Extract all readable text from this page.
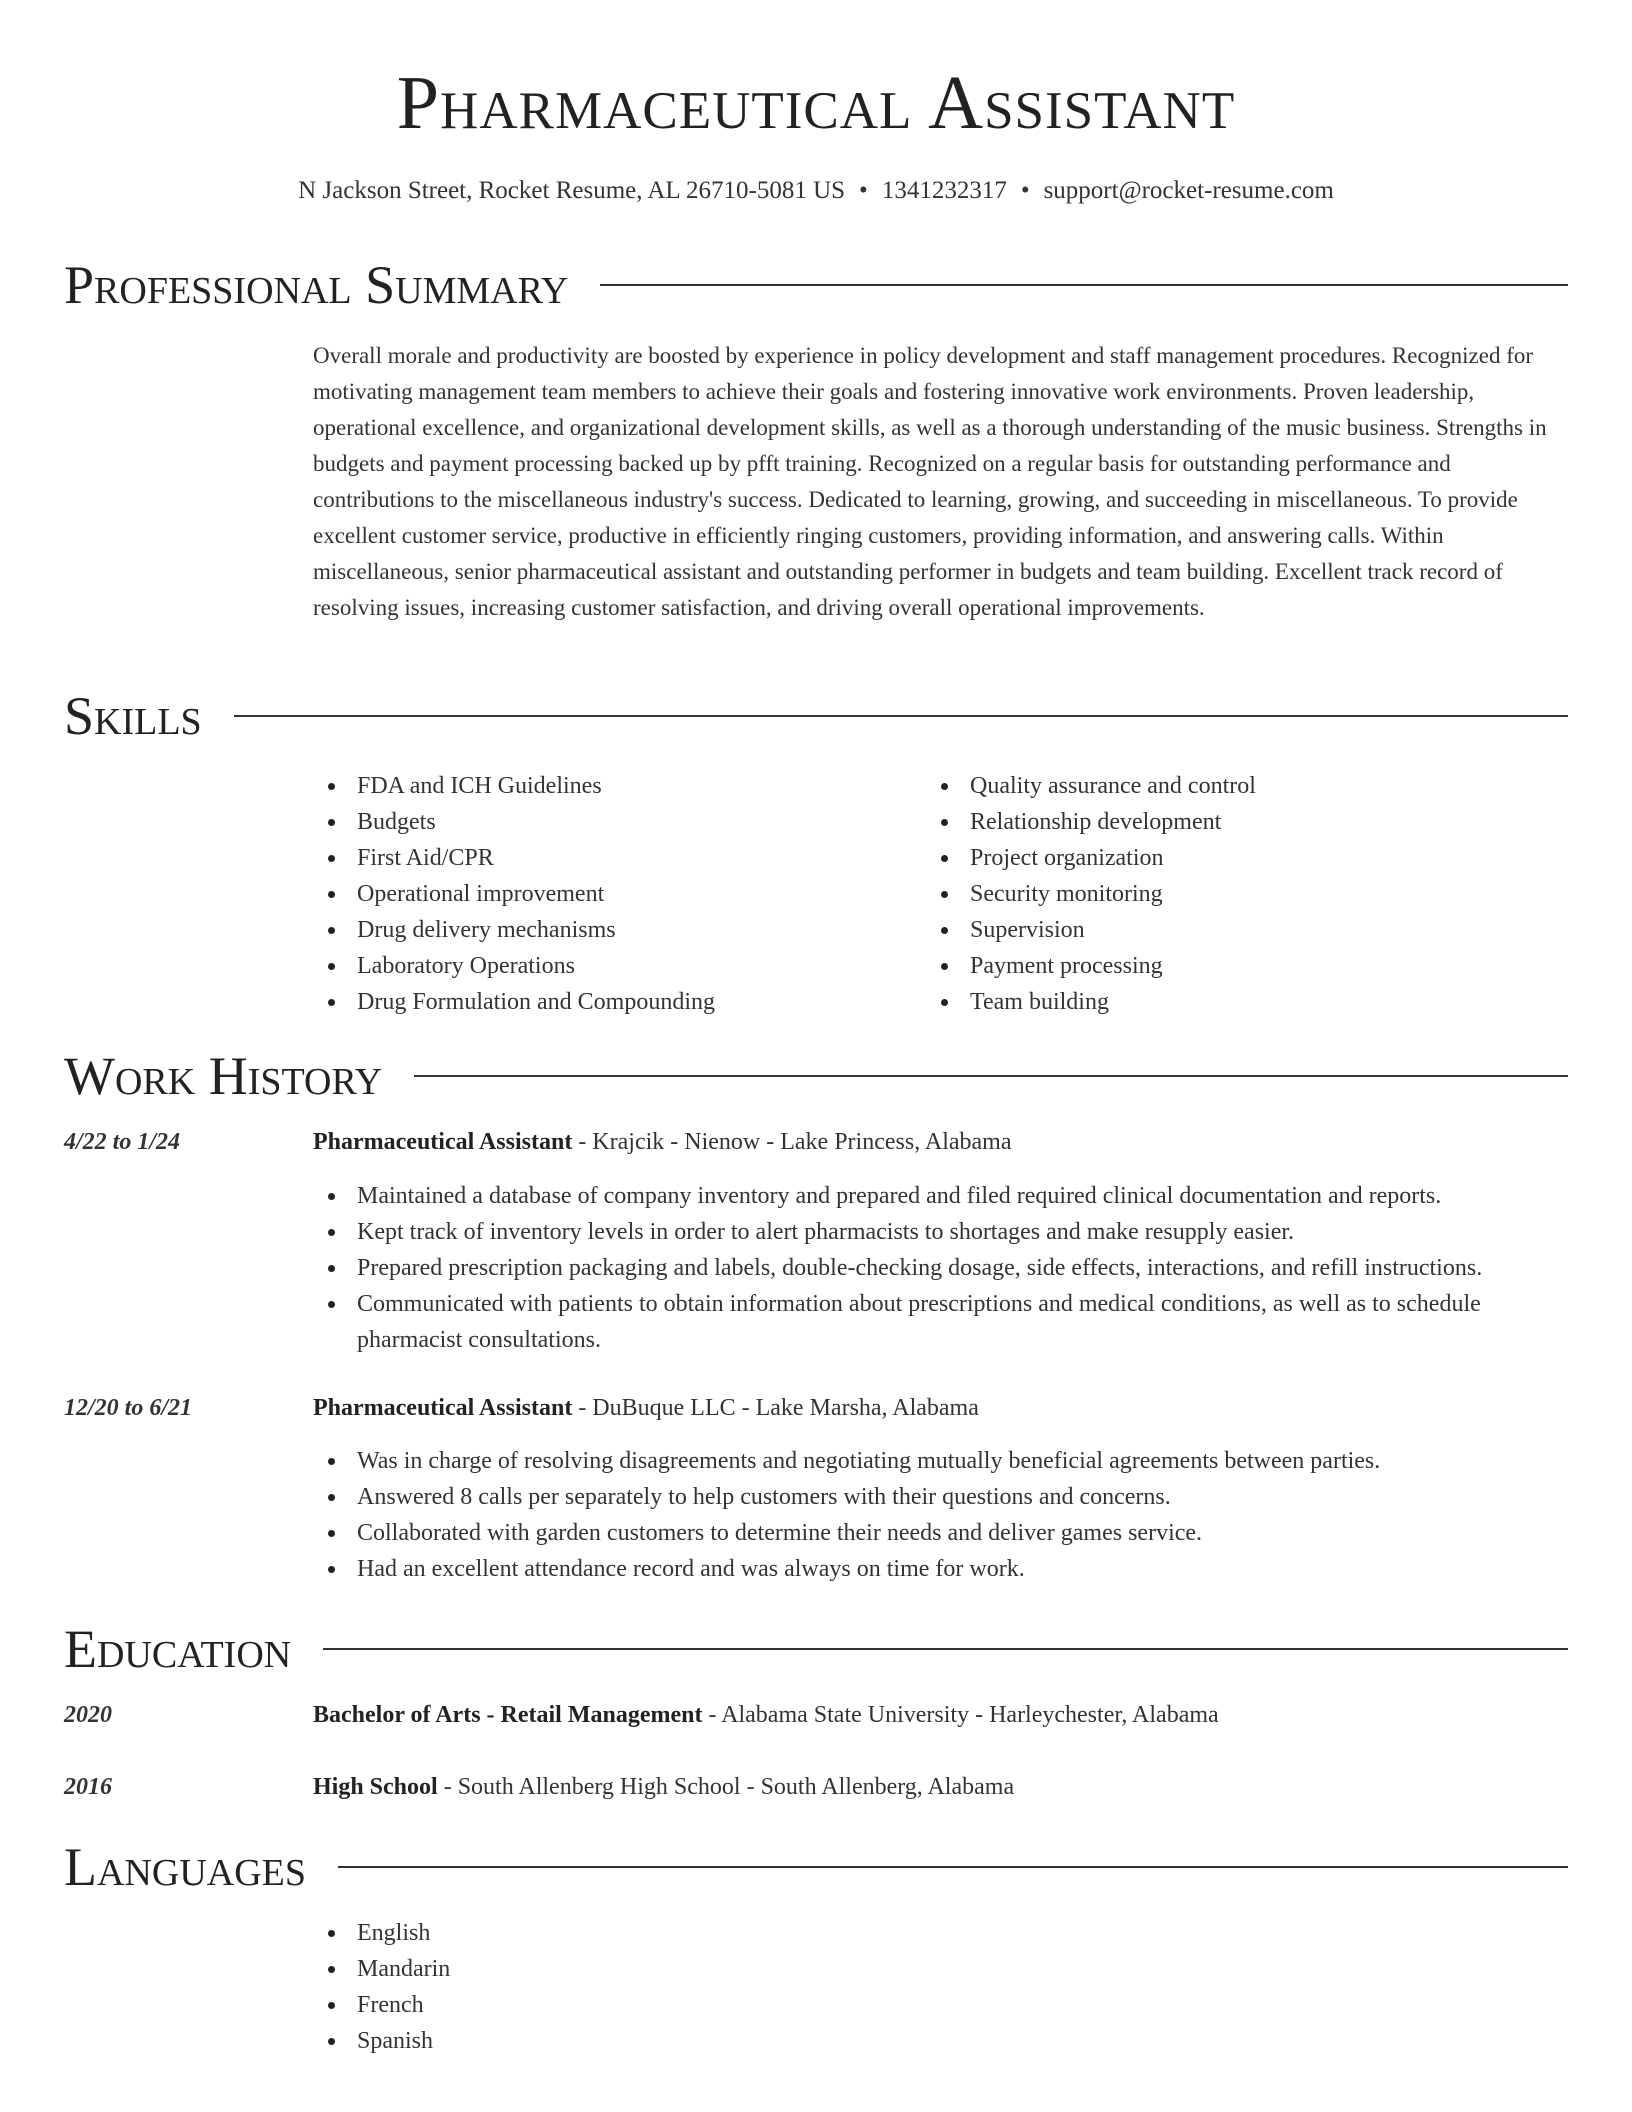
Pharmaceutical Assistant
N Jackson Street, Rocket Resume, AL 26710-5081 US • 1341232317 • support@rocket-resume.com
Professional Summary
Overall morale and productivity are boosted by experience in policy development and staff management procedures. Recognized for motivating management team members to achieve their goals and fostering innovative work environments. Proven leadership, operational excellence, and organizational development skills, as well as a thorough understanding of the music business. Strengths in budgets and payment processing backed up by pfft training. Recognized on a regular basis for outstanding performance and contributions to the miscellaneous industry's success. Dedicated to learning, growing, and succeeding in miscellaneous. To provide excellent customer service, productive in efficiently ringing customers, providing information, and answering calls. Within miscellaneous, senior pharmaceutical assistant and outstanding performer in budgets and team building. Excellent track record of resolving issues, increasing customer satisfaction, and driving overall operational improvements.
Skills
FDA and ICH Guidelines
Budgets
First Aid/CPR
Operational improvement
Drug delivery mechanisms
Laboratory Operations
Drug Formulation and Compounding
Quality assurance and control
Relationship development
Project organization
Security monitoring
Supervision
Payment processing
Team building
Work History
4/22 to 1/24	Pharmaceutical Assistant - Krajcik - Nienow - Lake Princess, Alabama
Maintained a database of company inventory and prepared and filed required clinical documentation and reports.
Kept track of inventory levels in order to alert pharmacists to shortages and make resupply easier.
Prepared prescription packaging and labels, double-checking dosage, side effects, interactions, and refill instructions.
Communicated with patients to obtain information about prescriptions and medical conditions, as well as to schedule pharmacist consultations.
12/20 to 6/21	Pharmaceutical Assistant - DuBuque LLC - Lake Marsha, Alabama
Was in charge of resolving disagreements and negotiating mutually beneficial agreements between parties.
Answered 8 calls per separately to help customers with their questions and concerns.
Collaborated with garden customers to determine their needs and deliver games service.
Had an excellent attendance record and was always on time for work.
Education
2020	Bachelor of Arts - Retail Management - Alabama State University - Harleychester, Alabama
2016	High School - South Allenberg High School - South Allenberg, Alabama
Languages
English
Mandarin
French
Spanish
